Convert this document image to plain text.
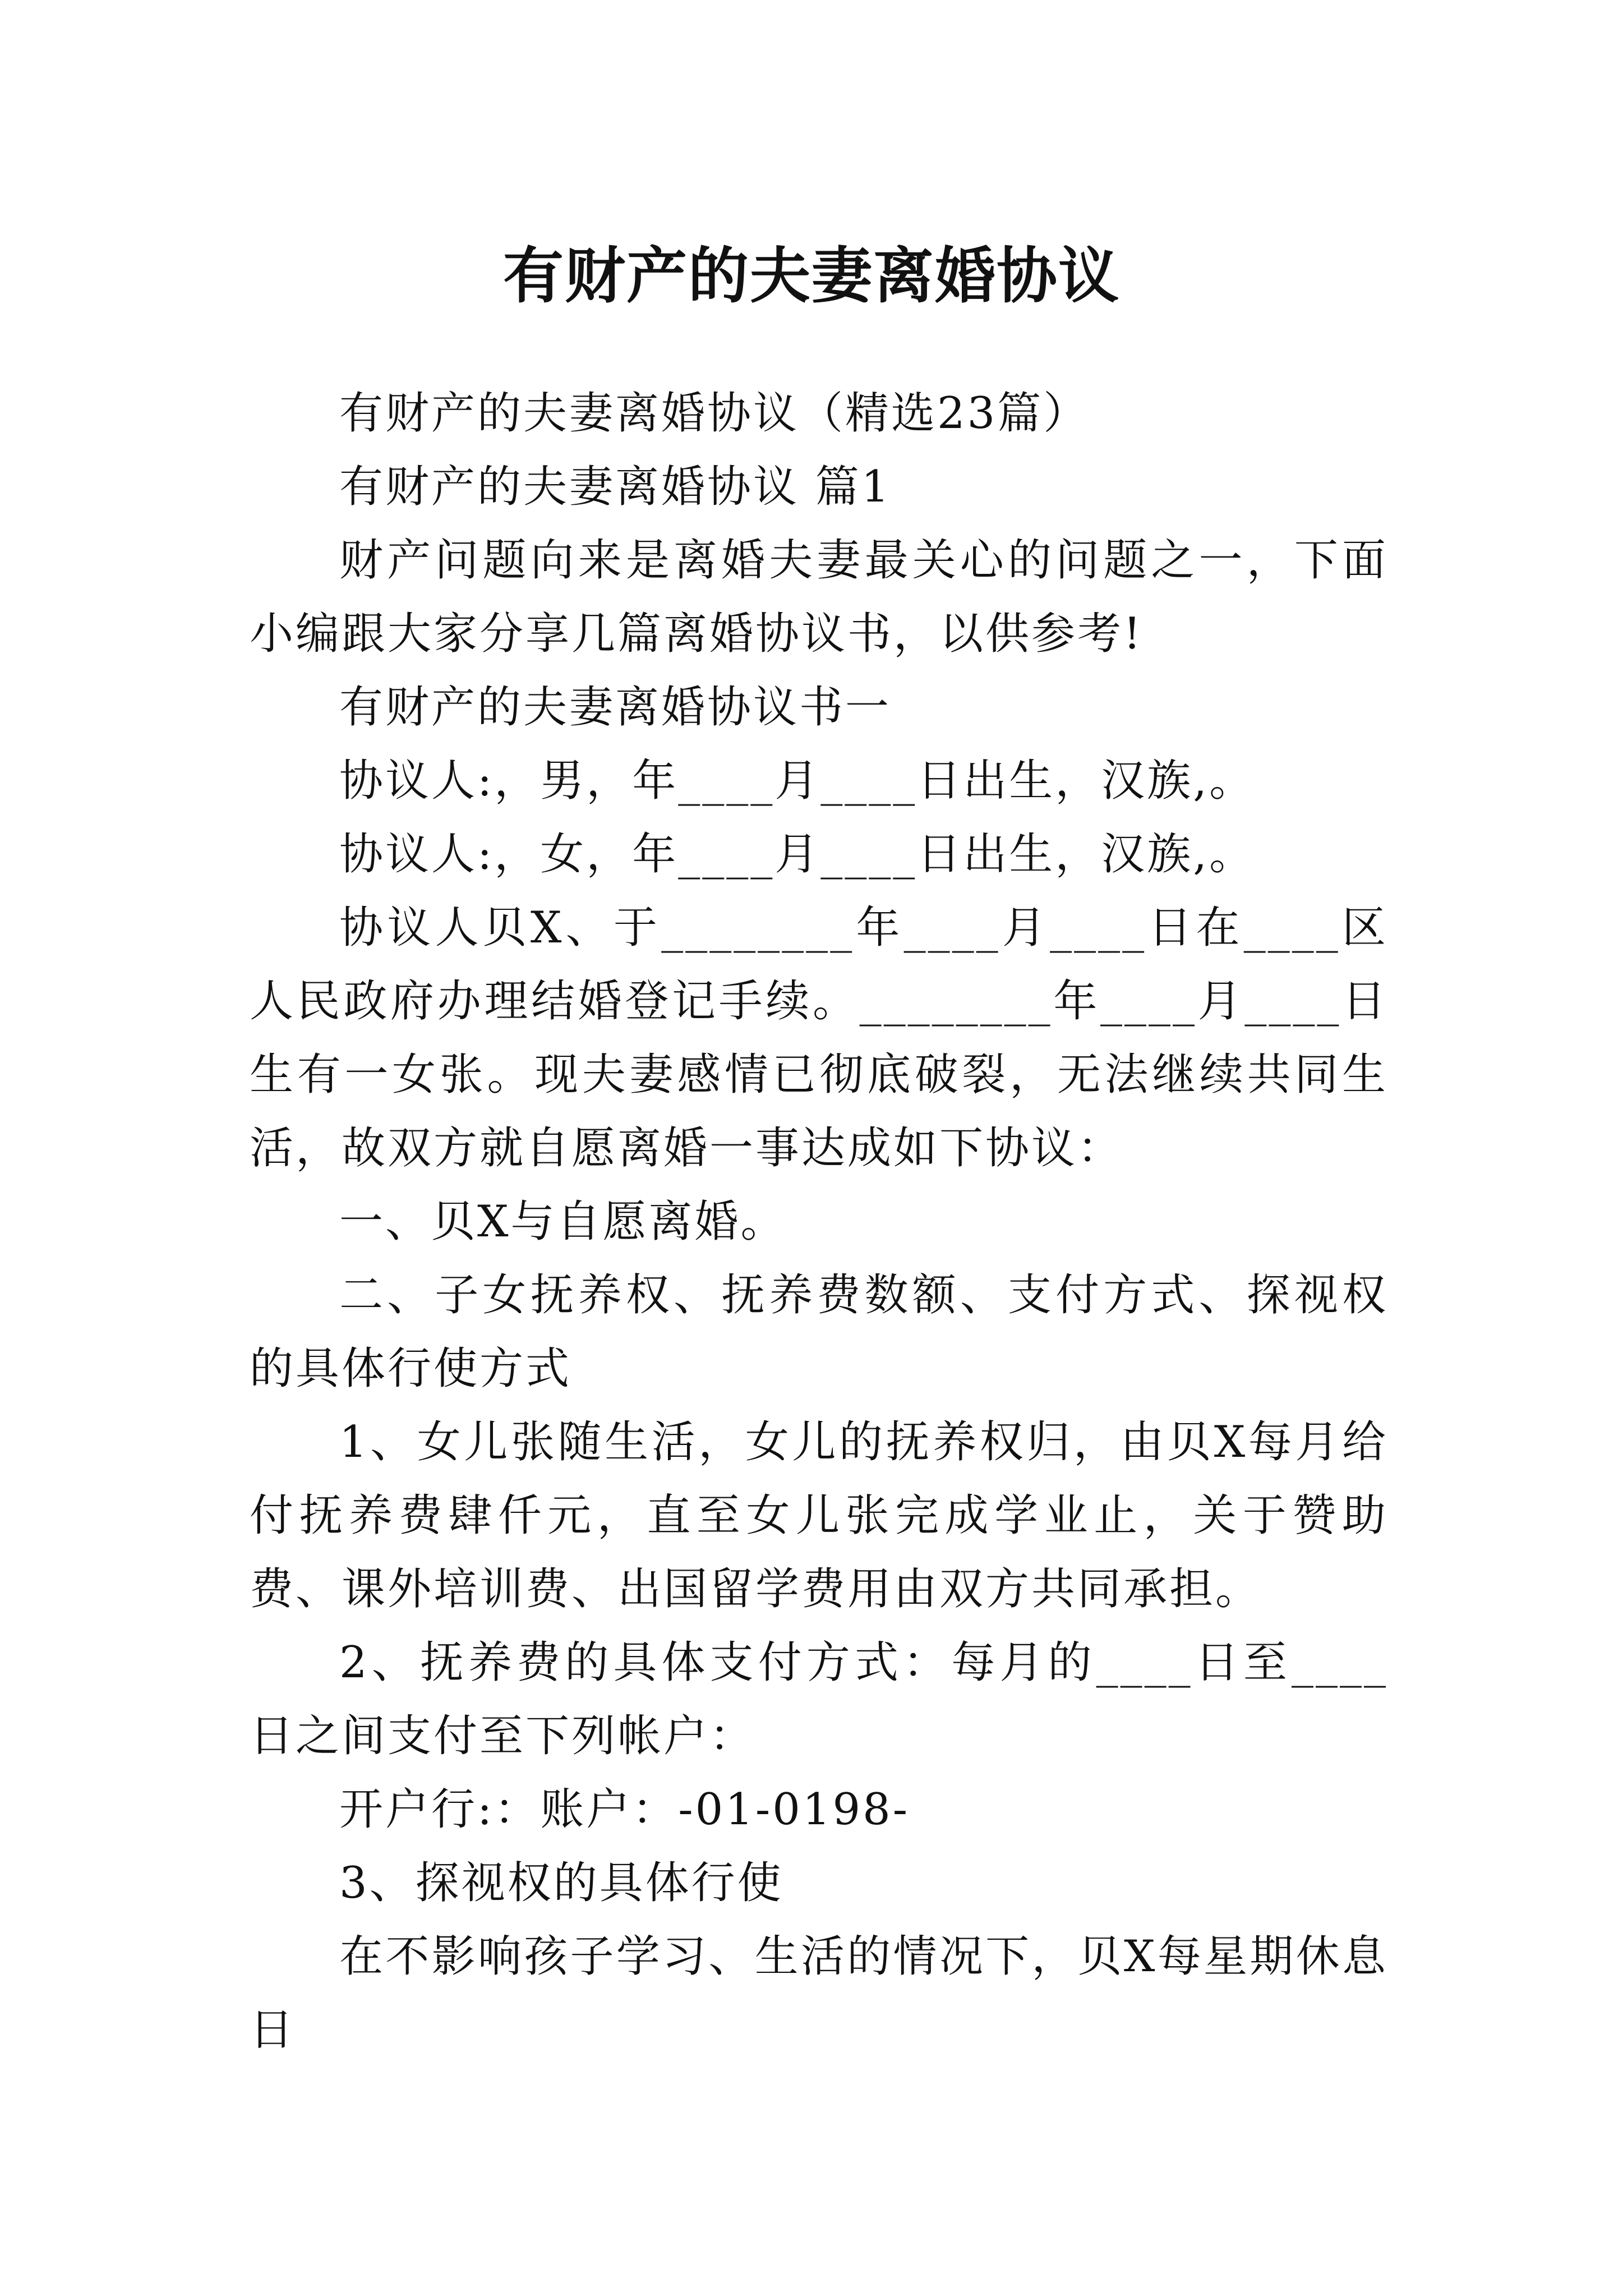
有财产的夫妻离婚协议

有财产的夫妻离婚协议（精选23篇）

有财产的夫妻离婚协议 篇1

财产问题向来是离婚夫妻最关心的问题之一，下面小编跟大家分享几篇离婚协议书，以供参考!

有财产的夫妻离婚协议书一

协议人:，男，年____月____日出生，汉族,。

协议人:，女，年____月____日出生，汉族,。

协议人贝X、于________年____月____日在____区人民政府办理结婚登记手续。________年____月____日生有一女张。现夫妻感情已彻底破裂，无法继续共同生活，故双方就自愿离婚一事达成如下协议：

一、贝X与自愿离婚。

二、子女抚养权、抚养费数额、支付方式、探视权的具体行使方式

1、女儿张随生活，女儿的抚养权归，由贝X每月给付抚养费肆仟元，直至女儿张完成学业止，关于赞助费、课外培训费、出国留学费用由双方共同承担。

2、抚养费的具体支付方式：每月的____日至____日之间支付至下列帐户：

开户行:：账户：-01-0198-

3、探视权的具体行使

在不影响孩子学习、生活的情况下，贝X每星期休息日
